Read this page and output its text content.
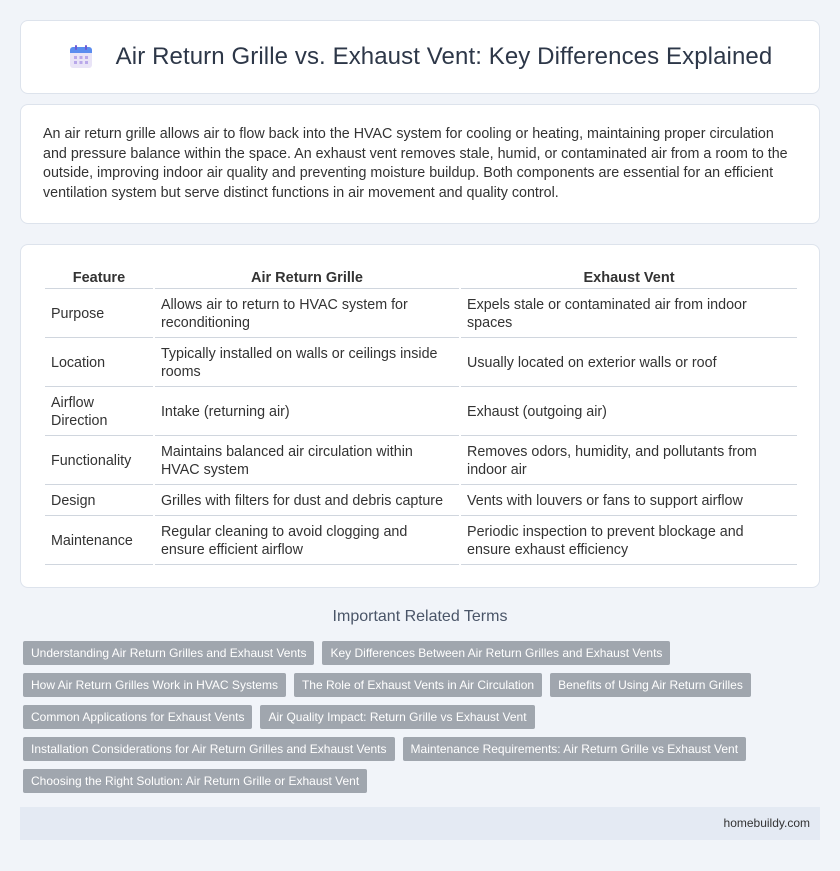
Air Return Grille vs. Exhaust Vent: Key Differences Explained

An air return grille allows air to flow back into the HVAC system for cooling or heating, maintaining proper circulation and pressure balance within the space. An exhaust vent removes stale, humid, or contaminated air from a room to the outside, improving indoor air quality and preventing moisture buildup. Both components are essential for an efficient ventilation system but serve distinct functions in air movement and quality control.

Feature	Air Return Grille	Exhaust Vent
Purpose	Allows air to return to HVAC system for reconditioning	Expels stale or contaminated air from indoor spaces
Location	Typically installed on walls or ceilings inside rooms	Usually located on exterior walls or roof
Airflow Direction	Intake (returning air)	Exhaust (outgoing air)
Functionality	Maintains balanced air circulation within HVAC system	Removes odors, humidity, and pollutants from indoor air
Design	Grilles with filters for dust and debris capture	Vents with louvers or fans to support airflow
Maintenance	Regular cleaning to avoid clogging and ensure efficient airflow	Periodic inspection to prevent blockage and ensure exhaust efficiency
Important Related Terms
Understanding Air Return Grilles and Exhaust Vents	Key Differences Between Air Return Grilles and Exhaust Vents
How Air Return Grilles Work in HVAC Systems	The Role of Exhaust Vents in Air Circulation	Benefits of Using Air Return Grilles
Common Applications for Exhaust Vents	Air Quality Impact: Return Grille vs Exhaust Vent
Installation Considerations for Air Return Grilles and Exhaust Vents	Maintenance Requirements: Air Return Grille vs Exhaust Vent
Choosing the Right Solution: Air Return Grille or Exhaust Vent
homebuildy.com
